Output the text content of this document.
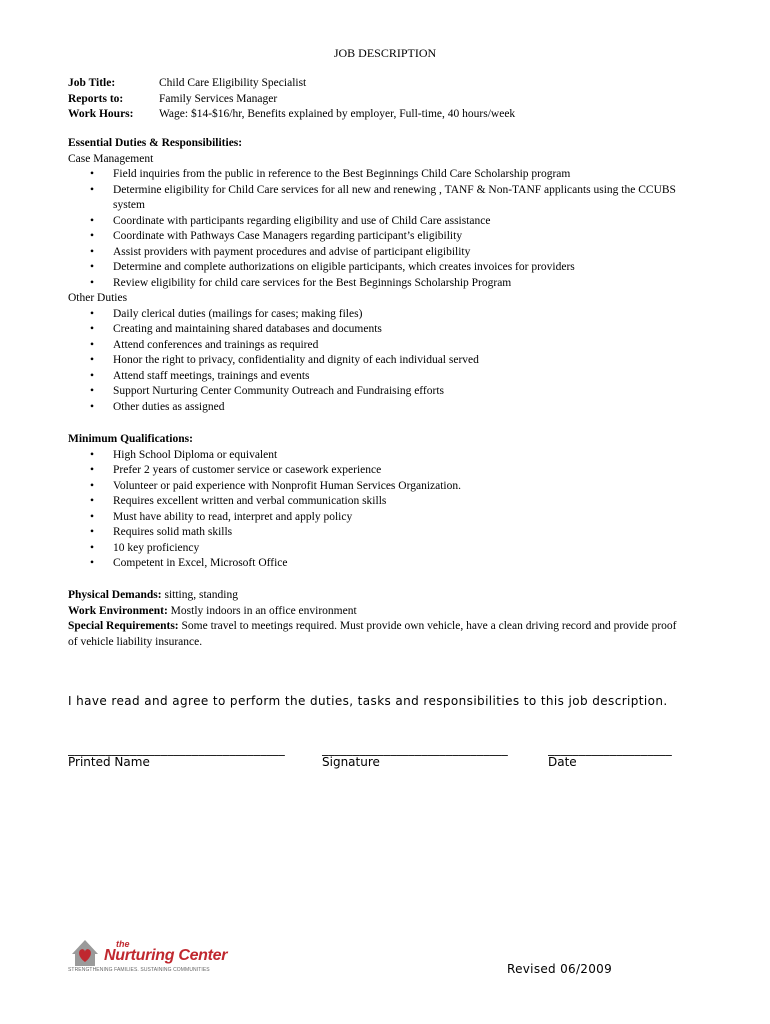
JOB DESCRIPTION
Job Title:	Child Care Eligibility Specialist
Reports to:	Family Services Manager
Work Hours:	Wage: $14-$16/hr, Benefits explained by employer, Full-time, 40 hours/week
Essential Duties & Responsibilities:
Case Management
• Field inquiries from the public in reference to the Best Beginnings Child Care Scholarship program
• Determine eligibility for Child Care services for all new and renewing , TANF & Non-TANF applicants using the CCUBS system
• Coordinate with participants regarding eligibility and use of Child Care assistance
• Coordinate with Pathways Case Managers regarding participant’s eligibility
• Assist providers with payment procedures and advise of participant eligibility
• Determine and complete authorizations on eligible participants, which creates invoices for providers
• Review eligibility for child care services for the Best Beginnings Scholarship Program
Other Duties
• Daily clerical duties (mailings for cases; making files)
• Creating and maintaining shared databases and documents
• Attend conferences and trainings as required
• Honor the right to privacy, confidentiality and dignity of each individual served
• Attend staff meetings, trainings and events
• Support Nurturing Center Community Outreach and Fundraising efforts
• Other duties as assigned
Minimum Qualifications:
• High School Diploma or equivalent
• Prefer 2 years of customer service or casework experience
• Volunteer or paid experience with Nonprofit Human Services Organization.
• Requires excellent written and verbal communication skills
• Must have ability to read, interpret and apply policy
• Requires solid math skills
• 10 key proficiency
• Competent in Excel, Microsoft Office
Physical Demands: sitting, standing
Work Environment: Mostly indoors in an office environment
Special Requirements: Some travel to meetings required. Must provide own vehicle, have a clean driving record and provide proof of vehicle liability insurance.
I have read and agree to perform the duties, tasks and responsibilities to this job description.
___________________________________	______________________________	____________________
Printed Name	Signature	Date
the
Nurturing Center
STRENGTHENING FAMILIES. SUSTAINING COMMUNITIES	Revised 06/2009
